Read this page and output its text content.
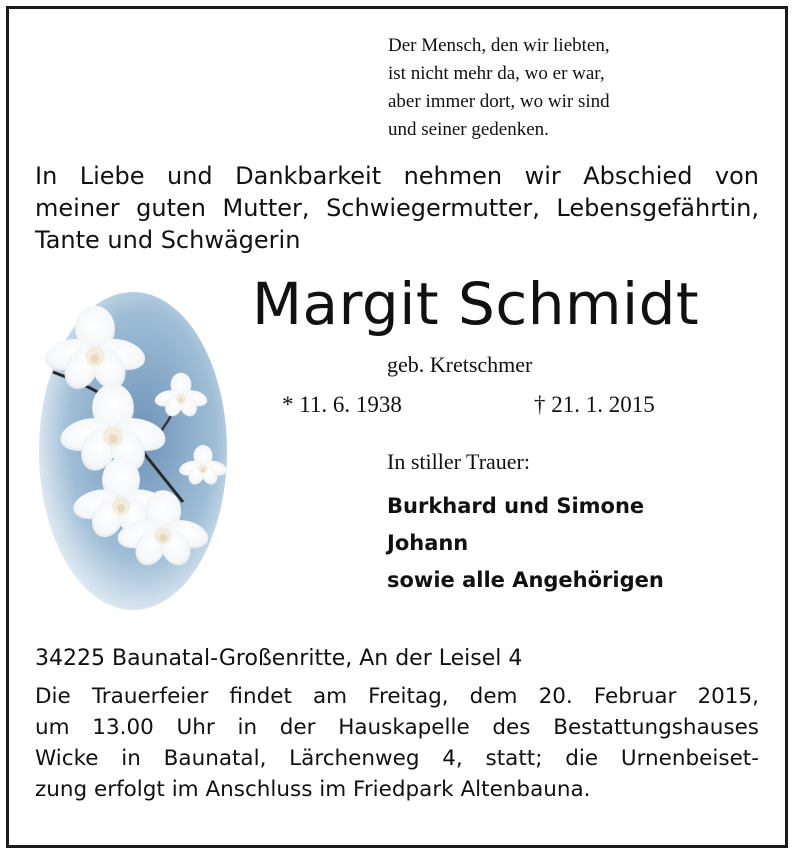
Der Mensch, den wir liebten,
ist nicht mehr da, wo er war,
aber immer dort, wo wir sind
und seiner gedenken.
In Liebe und Dankbarkeit nehmen wir Abschied von
meiner guten Mutter, Schwiegermutter, Lebensgefährtin,
Tante und Schwägerin
Margit Schmidt
geb. Kretschmer
* 11. 6. 1938	† 21. 1. 2015
In stiller Trauer:
Burkhard und Simone
Johann
sowie alle Angehörigen
34225 Baunatal-Großenritte, An der Leisel 4
Die Trauerfeier findet am Freitag, dem 20. Februar 2015,
um 13.00 Uhr in der Hauskapelle des Bestattungshauses
Wicke in Baunatal, Lärchenweg 4, statt; die Urnenbeiset-
zung erfolgt im Anschluss im Friedpark Altenbauna.
